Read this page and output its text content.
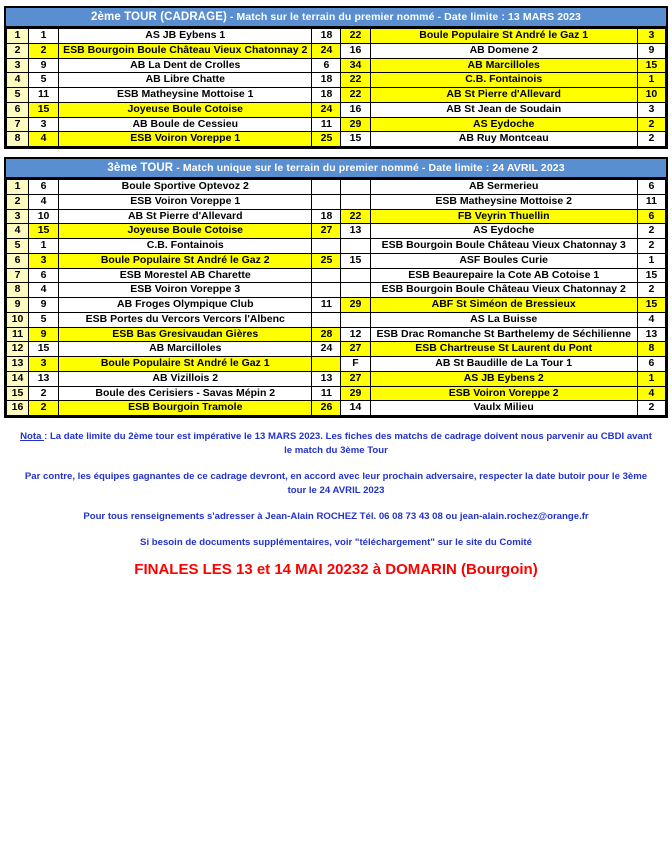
2ème TOUR (CADRAGE) - Match sur le terrain du premier nommé - Date limite : 13 MARS 2023
1	1	AS JB Eybens 1	18	22	Boule Populaire St André le Gaz 1	3
2	2	ESB Bourgoin Boule Château Vieux Chatonnay 2	24	16	AB Domene 2	9
3	9	AB La Dent de Crolles	6	34	AB Marcilloles	15
4	5	AB Libre Chatte	18	22	C.B. Fontainois	1
5	11	ESB Matheysine Mottoise 1	18	22	AB St Pierre d'Allevard	10
6	15	Joyeuse Boule Cotoise	24	16	AB St Jean de Soudain	3
7	3	AB Boule de Cessieu	11	29	AS Eydoche	2
8	4	ESB Voiron Voreppe 1	25	15	AB Ruy Montceau	2
3ème TOUR - Match unique sur le terrain du premier nommé - Date limite : 24 AVRIL 2023
1	6	Boule Sportive Optevoz 2			AB Sermerieu	6
2	4	ESB Voiron Voreppe 1			ESB Matheysine Mottoise 2	11
3	10	AB St Pierre d'Allevard	18	22	FB Veyrin Thuellin	6
4	15	Joyeuse Boule Cotoise	27	13	AS Eydoche	2
5	1	C.B. Fontainois			ESB Bourgoin Boule Château Vieux Chatonnay 3	2
6	3	Boule Populaire St André le Gaz 2	25	15	ASF Boules Curie	1
7	6	ESB Morestel AB Charette			ESB Beaurepaire la Cote AB Cotoise 1	15
8	4	ESB Voiron Voreppe 3			ESB Bourgoin Boule Château Vieux Chatonnay 2	2
9	9	AB Froges Olympique Club	11	29	ABF St Siméon de Bressieux	15
10	5	ESB Portes du Vercors Vercors l'Albenc			AS La Buisse	4
11	9	ESB Bas Gresivaudan Gières	28	12	ESB Drac Romanche St Barthelemy de Séchilienne	13
12	15	AB Marcilloles	24	27	ESB Chartreuse St Laurent du Pont	8
13	3	Boule Populaire St André le Gaz 1		F	AB St Baudille de La Tour 1	6
14	13	AB Vizillois 2	13	27	AS JB Eybens 2	1
15	2	Boule des Cerisiers - Savas Mépin 2	11	29	ESB Voiron Voreppe 2	4
16	2	ESB Bourgoin Tramole	26	14	Vaulx Milieu	2

Nota : La date limite du 2ème tour est impérative le 13 MARS 2023. Les fiches des matchs de cadrage doivent nous parvenir au CBDI avant le match du 3ème Tour

Par contre, les équipes gagnantes de ce cadrage devront, en accord avec leur prochain adversaire, respecter la date butoir pour le 3ème tour le 24 AVRIL 2023

Pour tous renseignements s'adresser à Jean-Alain ROCHEZ Tél. 06 08 73 43 08 ou jean-alain.rochez@orange.fr

Si besoin de documents supplémentaires, voir "téléchargement" sur le site du Comité

FINALES LES 13 et 14 MAI 20232 à DOMARIN (Bourgoin)
